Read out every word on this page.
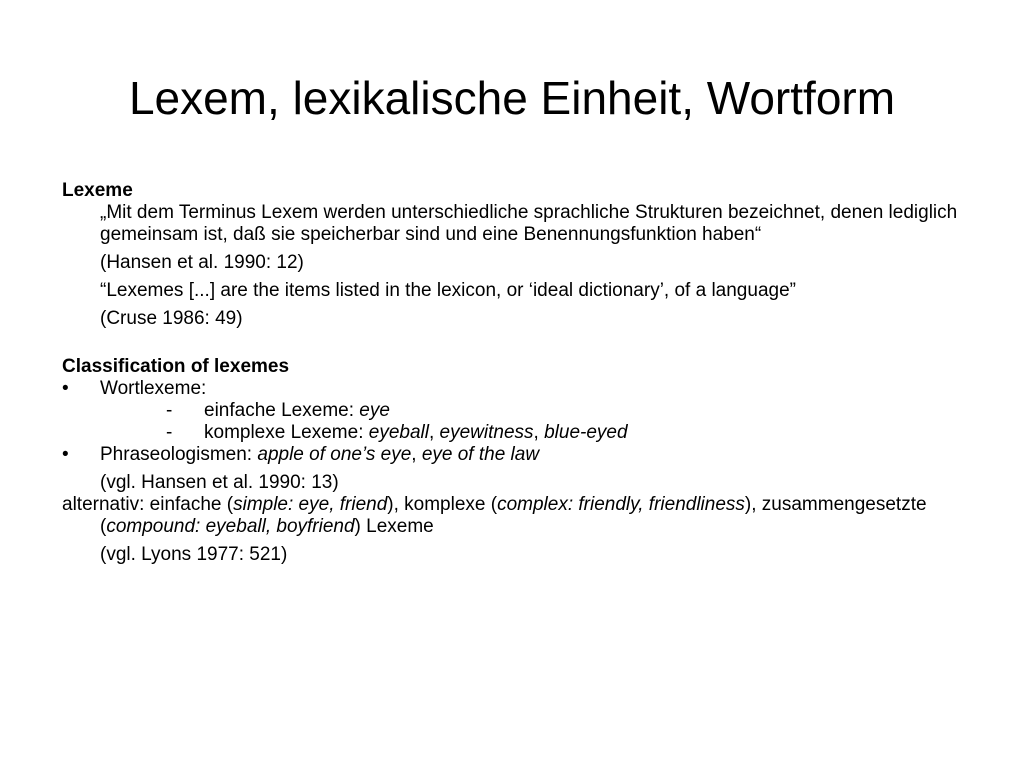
Lexem, lexikalische Einheit, Wortform

Lexeme

„Mit dem Terminus Lexem werden unterschiedliche sprachliche Strukturen bezeichnet, denen lediglich gemeinsam ist, daß sie speicherbar sind und eine Benennungsfunktion haben“

(Hansen et al. 1990: 12)

“Lexemes [...] are the items listed in the lexicon, or ‘ideal dictionary’, of a language”

(Cruse 1986: 49)

Classification of lexemes

•	Wortlexeme:
-	einfache Lexeme: eye
-	komplexe Lexeme: eyeball, eyewitness, blue-eyed
•	Phraseologismen: apple of one’s eye, eye of the law

(vgl. Hansen et al. 1990: 13)

alternativ: einfache (simple: eye, friend), komplexe (complex: friendly, friendliness), zusammengesetzte (compound: eyeball, boyfriend) Lexeme

(vgl. Lyons 1977: 521)
